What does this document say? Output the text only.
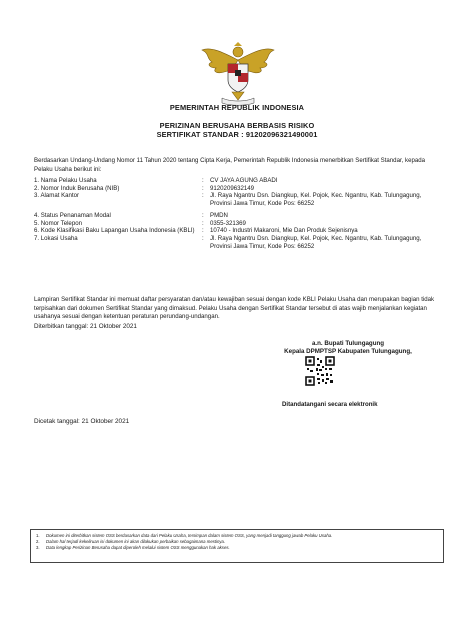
PEMERINTAH REPUBLIK INDONESIA
PERIZINAN BERUSAHA BERBASIS RISIKO
SERTIFIKAT STANDAR : 91202096321490001
Berdasarkan Undang-Undang Nomor 11 Tahun 2020 tentang Cipta Kerja, Pemerintah Republik Indonesia menerbitkan Sertifikat Standar, kepada Pelaku Usaha berikut ini:
1. Nama Pelaku Usaha	:	CV JAYA AGUNG ABADI
2. Nomor Induk Berusaha (NIB)	:	9120209632149
3. Alamat Kantor	:	Jl. Raya Ngantru Dsn. Diangkup, Kel. Pojok, Kec. Ngantru, Kab. Tulungagung, Provinsi Jawa Timur, Kode Pos: 66252
4. Status Penanaman Modal	:	PMDN
5. Nomor Telepon	:	0355-321369
6. Kode Klasifikasi Baku Lapangan Usaha Indonesia (KBLI)	:	10740 - Industri Makaroni, Mie Dan Produk Sejenisnya
7. Lokasi Usaha	:	Jl. Raya Ngantru Dsn. Diangkup, Kel. Pojok, Kec. Ngantru, Kab. Tulungagung, Provinsi Jawa Timur, Kode Pos: 66252
Lampiran Sertifikat Standar ini memuat daftar persyaratan dan/atau kewajiban sesuai dengan kode KBLI Pelaku Usaha dan merupakan bagian tidak terpisahkan dari dokumen Sertifikat Standar yang dimaksud. Pelaku Usaha dengan Sertifikat Standar tersebut di atas wajib menjalankan kegiatan usahanya sesuai dengan ketentuan peraturan perundang-undangan.
Diterbitkan tanggal: 21 Oktober 2021
a.n. Bupati Tulungagung
Kepala DPMPTSP Kabupaten Tulungagung,
Ditandatangani secara elektronik
Dicetak tanggal: 21 Oktober 2021
1.	Dokumen ini diterbitkan sistem OSS berdasarkan data dari Pelaku Usaha, tersimpan dalam sistem OSS, yang menjadi tanggung jawab Pelaku Usaha.
2.	Dalam hal terjadi kekeliruan isi dokumen ini akan dilakukan perbaikan sebagaimana mestinya.
3.	Data lengkap Perizinan Berusaha dapat diperoleh melalui sistem OSS menggunakan hak akses.
